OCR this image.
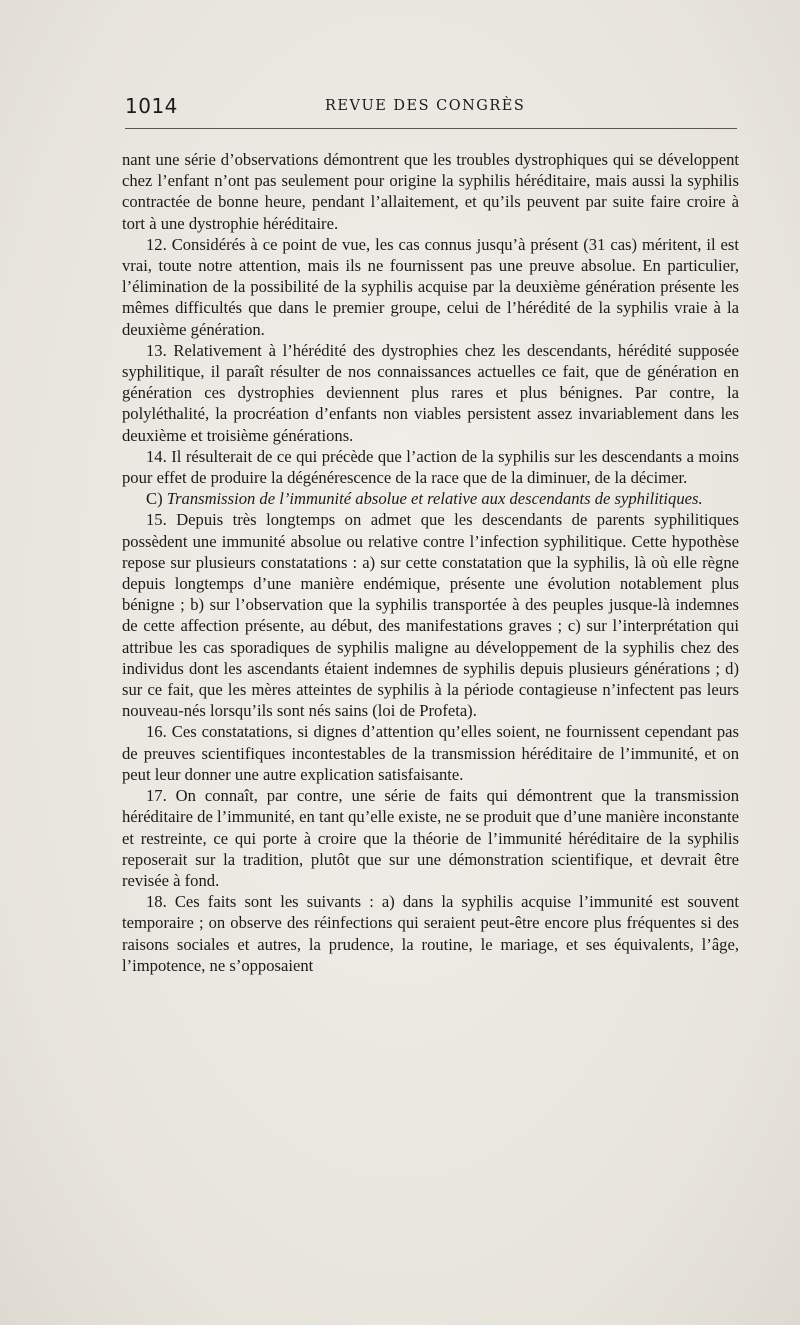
1014	REVUE DES CONGRÈS

nant une série d’observations démontrent que les troubles dystrophiques qui se développent chez l’enfant n’ont pas seulement pour origine la syphilis héréditaire, mais aussi la syphilis contractée de bonne heure, pendant l’allaitement, et qu’ils peuvent par suite faire croire à tort à une dystrophie héréditaire.

12. Considérés à ce point de vue, les cas connus jusqu’à présent (31 cas) méritent, il est vrai, toute notre attention, mais ils ne fournissent pas une preuve absolue. En particulier, l’élimination de la possibilité de la syphilis acquise par la deuxième génération présente les mêmes difficultés que dans le premier groupe, celui de l’hérédité de la syphilis vraie à la deuxième génération.

13. Relativement à l’hérédité des dystrophies chez les descendants, hérédité supposée syphilitique, il paraît résulter de nos connaissances actuelles ce fait, que de génération en génération ces dystrophies deviennent plus rares et plus bénignes. Par contre, la polyléthalité, la procréation d’enfants non viables persistent assez invariablement dans les deuxième et troisième générations.

14. Il résulterait de ce qui précède que l’action de la syphilis sur les descendants a moins pour effet de produire la dégénérescence de la race que de la diminuer, de la décimer.

C) Transmission de l’immunité absolue et relative aux descendants de syphilitiques.

15. Depuis très longtemps on admet que les descendants de parents syphilitiques possèdent une immunité absolue ou relative contre l’infection syphilitique. Cette hypothèse repose sur plusieurs constatations : a) sur cette constatation que la syphilis, là où elle règne depuis longtemps d’une manière endémique, présente une évolution notablement plus bénigne ; b) sur l’observation que la syphilis transportée à des peuples jusque-là indemnes de cette affection présente, au début, des manifestations graves ; c) sur l’interprétation qui attribue les cas sporadiques de syphilis maligne au développement de la syphilis chez des individus dont les ascendants étaient indemnes de syphilis depuis plusieurs générations ; d) sur ce fait, que les mères atteintes de syphilis à la période contagieuse n’infectent pas leurs nouveau-nés lorsqu’ils sont nés sains (loi de Profeta).

16. Ces constatations, si dignes d’attention qu’elles soient, ne fournissent cependant pas de preuves scientifiques incontestables de la transmission héréditaire de l’immunité, et on peut leur donner une autre explication satisfaisante.

17. On connaît, par contre, une série de faits qui démontrent que la transmission héréditaire de l’immunité, en tant qu’elle existe, ne se produit que d’une manière inconstante et restreinte, ce qui porte à croire que la théorie de l’immunité héréditaire de la syphilis reposerait sur la tradition, plutôt que sur une démonstration scientifique, et devrait être revisée à fond.

18. Ces faits sont les suivants : a) dans la syphilis acquise l’immunité est souvent temporaire ; on observe des réinfections qui seraient peut-être encore plus fréquentes si des raisons sociales et autres, la prudence, la routine, le mariage, et ses équivalents, l’âge, l’impotence, ne s’opposaient
